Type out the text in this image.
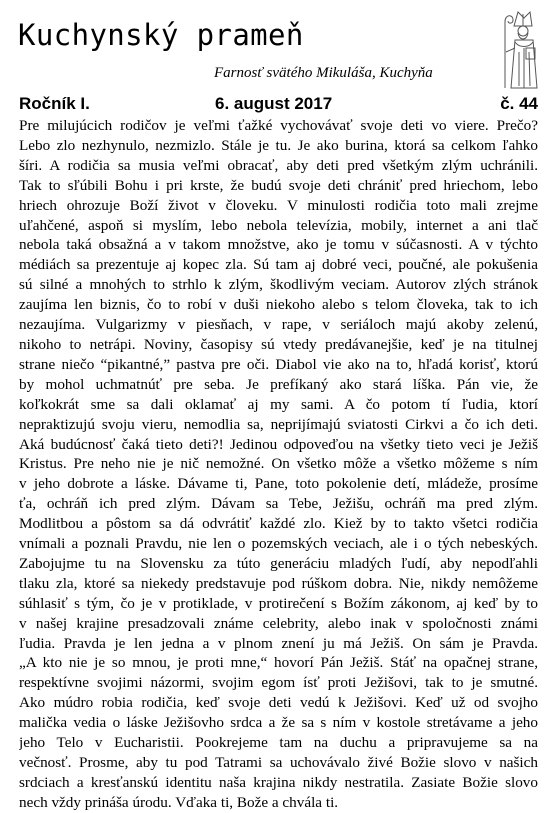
Kuchynský prameň
Farnosť svätého Mikuláša, Kuchyňa
Ročník I.	6. august 2017	č. 44
Pre milujúcich rodičov je veľmi ťažké vychovávať svoje deti vo viere. Prečo?
Lebo zlo nezhynulo, nezmizlo. Stále je tu. Je ako burina, ktorá sa celkom ľahko
šíri. A rodičia sa musia veľmi obracať, aby deti pred všetkým zlým uchránili.
Tak to sľúbili Bohu i pri krste, že budú svoje deti chrániť pred hriechom, lebo
hriech ohrozuje Boží život v človeku. V minulosti rodičia toto mali zrejme
uľahčené, aspoň si myslím, lebo nebola televízia, mobily, internet a ani tlač
nebola taká obsažná a v takom množstve, ako je tomu v súčasnosti. A v týchto
médiách sa prezentuje aj kopec zla. Sú tam aj dobré veci, poučné, ale pokušenia
sú silné a mnohých to strhlo k zlým, škodlivým veciam. Autorov zlých stránok
zaujíma len biznis, čo to robí v duši niekoho alebo s telom človeka, tak to ich
nezaujíma. Vulgarizmy v piesňach, v rape, v seriáloch majú akoby zelenú,
nikoho to netrápi. Noviny, časopisy sú vtedy predávanejšie, keď je na titulnej
strane niečo “pikantné,” pastva pre oči. Diabol vie ako na to, hľadá korisť, ktorú
by mohol uchmatnúť pre seba. Je prefíkaný ako stará líška. Pán vie, že
koľkokrát sme sa dali oklamať aj my sami. A čo potom tí ľudia, ktorí
nepraktizujú svoju vieru, nemodlia sa, neprijímajú sviatosti Cirkvi a čo ich deti.
Aká budúcnosť čaká tieto deti?! Jedinou odpoveďou na všetky tieto veci je Ježiš
Kristus. Pre neho nie je nič nemožné. On všetko môže a všetko môžeme s ním
v jeho dobrote a láske. Dávame ti, Pane, toto pokolenie detí, mládeže, prosíme
ťa, ochráň ich pred zlým. Dávam sa Tebe, Ježišu, ochráň ma pred zlým.
Modlitbou a pôstom sa dá odvrátiť každé zlo. Kiež by to takto všetci rodičia
vnímali a poznali Pravdu, nie len o pozemských veciach, ale i o tých nebeských.
Zabojujme tu na Slovensku za túto generáciu mladých ľudí, aby nepodľahli
tlaku zla, ktoré sa niekedy predstavuje pod rúškom dobra. Nie, nikdy nemôžeme
súhlasiť s tým, čo je v protiklade, v protirečení s Božím zákonom, aj keď by to
v našej krajine presadzovali známe celebrity, alebo inak v spoločnosti známi
ľudia. Pravda je len jedna a v plnom znení ju má Ježiš. On sám je Pravda.
„A kto nie je so mnou, je proti mne,“ hovorí Pán Ježiš. Stáť na opačnej strane,
respektívne svojimi názormi, svojim egom ísť proti Ježišovi, tak to je smutné.
Ako múdro robia rodičia, keď svoje deti vedú k Ježišovi. Keď už od svojho
malička vedia o láske Ježišovho srdca a že sa s ním v kostole stretávame a jeho
jeho Telo v Eucharistii. Pookrejeme tam na duchu a pripravujeme sa na
večnosť. Prosme, aby tu pod Tatrami sa uchovávalo živé Božie slovo v našich
srdciach a kresťanskú identitu naša krajina nikdy nestratila. Zasiate Božie slovo
nech vždy prináša úrodu. Vďaka ti, Bože a chvála ti.
